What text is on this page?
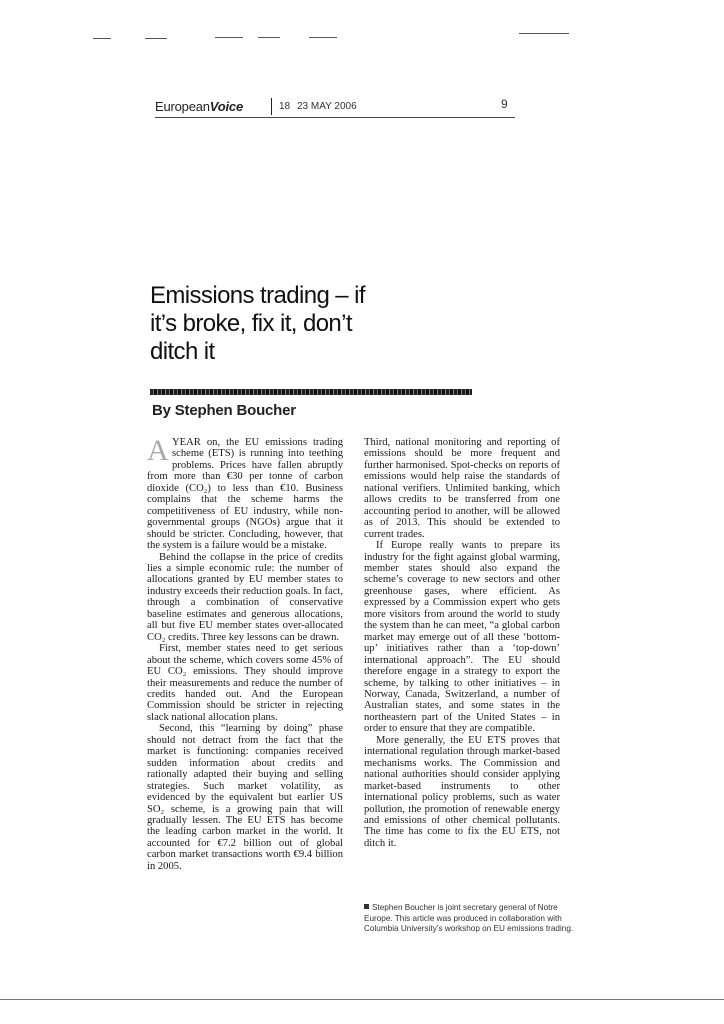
EuropeanVoice	18 23 MAY 2006	9
Emissions trading – if it’s broke, fix it, don’t ditch it
By Stephen Boucher

AYEAR on, the EU emissions trading scheme (ETS) is running into teething problems. Prices have fallen abruptly from more than €30 per tonne of carbon dioxide (CO₂) to less than €10. Business complains that the scheme harms the competitiveness of EU industry, while non-governmental groups (NGOs) argue that it should be stricter. Concluding, however, that the system is a failure would be a mistake.

Behind the collapse in the price of credits lies a simple economic rule: the number of allocations granted by EU member states to industry exceeds their reduction goals. In fact, through a combination of conservative baseline estimates and generous allocations, all but five EU member states over-allocated CO₂ credits. Three key lessons can be drawn.

First, member states need to get serious about the scheme, which covers some 45% of EU CO₂ emissions. They should improve their measurements and reduce the number of credits handed out. And the European Commission should be stricter in rejecting slack national allocation plans.

Second, this “learning by doing” phase should not detract from the fact that the market is functioning: companies received sudden information about credits and rationally adapted their buying and selling strategies. Such market volatility, as evidenced by the equivalent but earlier US SO₂ scheme, is a growing pain that will gradually lessen. The EU ETS has become the leading carbon market in the world. It accounted for €7.2 billion out of global carbon market transactions worth €9.4 billion in 2005.

Third, national monitoring and reporting of emissions should be more frequent and further harmonised. Spot-checks on reports of emissions would help raise the standards of national verifiers. Unlimited banking, which allows credits to be transferred from one accounting period to another, will be allowed as of 2013. This should be extended to current trades.

If Europe really wants to prepare its industry for the fight against global warming, member states should also expand the scheme’s coverage to new sectors and other greenhouse gases, where efficient. As expressed by a Commission expert who gets more visitors from around the world to study the system than he can meet, “a global carbon market may emerge out of all these ‘bottom-up’ initiatives rather than a ‘top-down’ international approach”. The EU should therefore engage in a strategy to export the scheme, by talking to other initiatives – in Norway, Canada, Switzerland, a number of Australian states, and some states in the northeastern part of the United States – in order to ensure that they are compatible.

More generally, the EU ETS proves that international regulation through market-based mechanisms works. The Commission and national authorities should consider applying market-based instruments to other international policy problems, such as water pollution, the promotion of renewable energy and emissions of other chemical pollutants. The time has come to fix the EU ETS, not ditch it.

Stephen Boucher is joint secretary general of Notre Europe. This article was produced in collaboration with Columbia University’s workshop on EU emissions trading.
